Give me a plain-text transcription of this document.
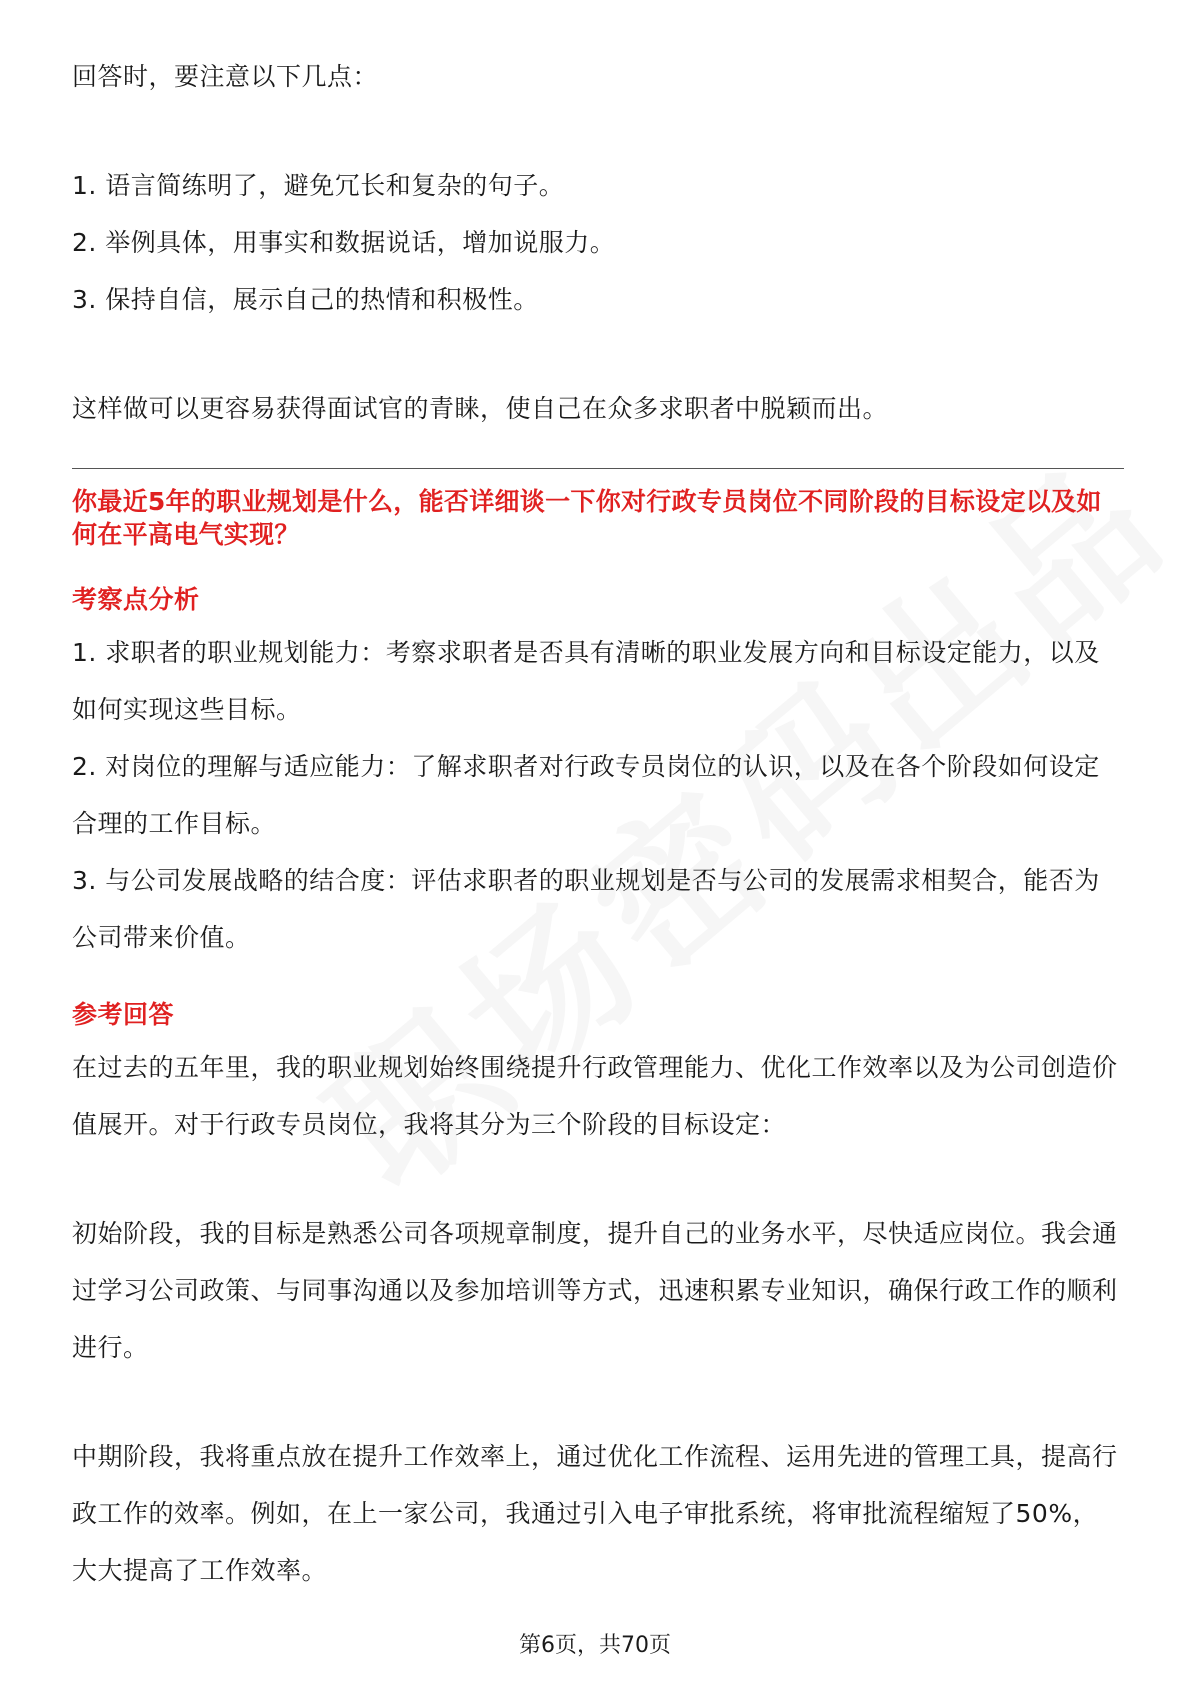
回答时，要注意以下几点：

1. 语言简练明了，避免冗长和复杂的句子。

2. 举例具体，用事实和数据说话，增加说服力。

3. 保持自信，展示自己的热情和积极性。

这样做可以更容易获得面试官的青睐，使自己在众多求职者中脱颖而出。

你最近5年的职业规划是什么，能否详细谈一下你对行政专员岗位不同阶段的目标设定以及如何在平高电气实现？

考察点分析

1. 求职者的职业规划能力：考察求职者是否具有清晰的职业发展方向和目标设定能力，以及如何实现这些目标。

2. 对岗位的理解与适应能力：了解求职者对行政专员岗位的认识，以及在各个阶段如何设定合理的工作目标。

3. 与公司发展战略的结合度：评估求职者的职业规划是否与公司的发展需求相契合，能否为公司带来价值。

参考回答

在过去的五年里，我的职业规划始终围绕提升行政管理能力、优化工作效率以及为公司创造价值展开。对于行政专员岗位，我将其分为三个阶段的目标设定：

初始阶段，我的目标是熟悉公司各项规章制度，提升自己的业务水平，尽快适应岗位。我会通过学习公司政策、与同事沟通以及参加培训等方式，迅速积累专业知识，确保行政工作的顺利进行。

中期阶段，我将重点放在提升工作效率上，通过优化工作流程、运用先进的管理工具，提高行政工作的效率。例如，在上一家公司，我通过引入电子审批系统，将审批流程缩短了50%，大大提高了工作效率。

第6页，共70页
